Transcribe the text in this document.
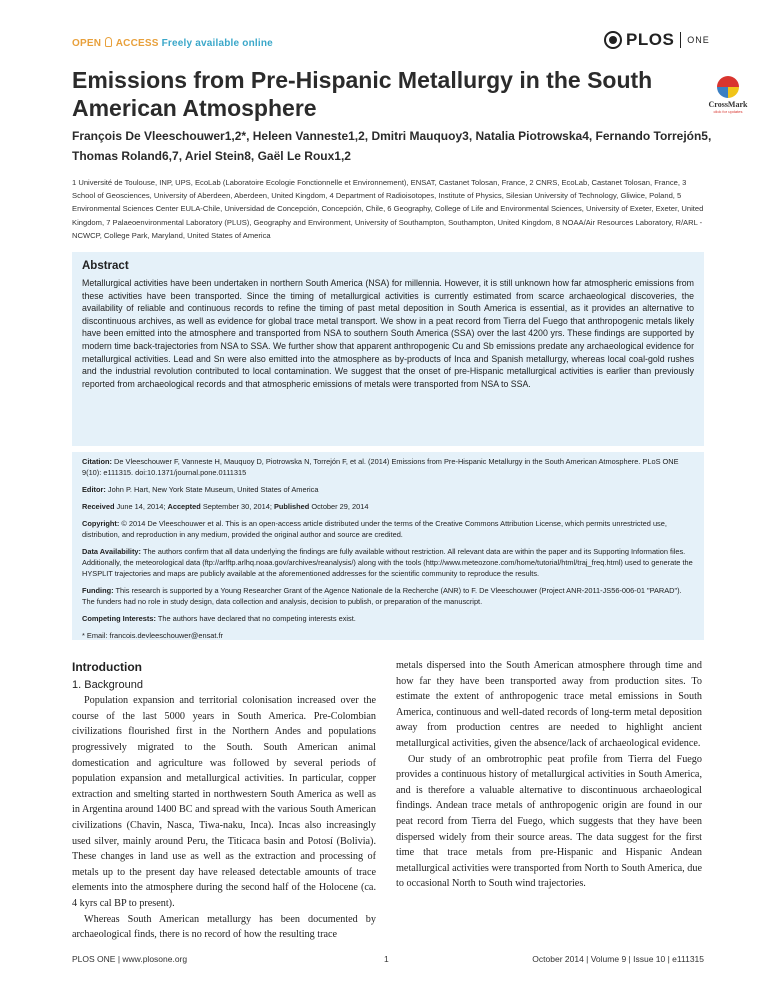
OPEN ACCESS Freely available online	PLOS ONE
Emissions from Pre-Hispanic Metallurgy in the South American Atmosphere	CrossMark
click for updates
François De Vleeschouwer1,2*, Heleen Vanneste1,2, Dmitri Mauquoy3, Natalia Piotrowska4, Fernando Torrejón5, Thomas Roland6,7, Ariel Stein8, Gaël Le Roux1,2
1 Université de Toulouse, INP, UPS, EcoLab (Laboratoire Ecologie Fonctionnelle et Environnement), ENSAT, Castanet Tolosan, France, 2 CNRS, EcoLab, Castanet Tolosan, France, 3 School of Geosciences, University of Aberdeen, Aberdeen, United Kingdom, 4 Department of Radioisotopes, Institute of Physics, Silesian University of Technology, Gliwice, Poland, 5 Environmental Sciences Center EULA-Chile, Universidad de Concepción, Concepción, Chile, 6 Geography, College of Life and Environmental Sciences, University of Exeter, Exeter, United Kingdom, 7 Palaeoenvironmental Laboratory (PLUS), Geography and Environment, University of Southampton, Southampton, United Kingdom, 8 NOAA/Air Resources Laboratory, R/ARL - NCWCP, College Park, Maryland, United States of America
Abstract

Metallurgical activities have been undertaken in northern South America (NSA) for millennia. However, it is still unknown how far atmospheric emissions from these activities have been transported. Since the timing of metallurgical activities is currently estimated from scarce archaeological discoveries, the availability of reliable and continuous records to refine the timing of past metal deposition in South America is essential, as it provides an alternative to discontinuous archives, as well as evidence for global trace metal transport. We show in a peat record from Tierra del Fuego that anthropogenic metals likely have been emitted into the atmosphere and transported from NSA to southern South America (SSA) over the last 4200 yrs. These findings are supported by modern time back-trajectories from NSA to SSA. We further show that apparent anthropogenic Cu and Sb emissions predate any archaeological evidence for metallurgical activities. Lead and Sn were also emitted into the atmosphere as by-products of Inca and Spanish metallurgy, whereas local coal-gold rushes and the industrial revolution contributed to local contamination. We suggest that the onset of pre-Hispanic metallurgical activities is earlier than previously reported from archaeological records and that atmospheric emissions of metals were transported from NSA to SSA.

Citation: De Vleeschouwer F, Vanneste H, Mauquoy D, Piotrowska N, Torrejón F, et al. (2014) Emissions from Pre-Hispanic Metallurgy in the South American Atmosphere. PLoS ONE 9(10): e111315. doi:10.1371/journal.pone.0111315
Editor: John P. Hart, New York State Museum, United States of America
Received June 14, 2014; Accepted September 30, 2014; Published October 29, 2014
Copyright: © 2014 De Vleeschouwer et al. This is an open-access article distributed under the terms of the Creative Commons Attribution License, which permits unrestricted use, distribution, and reproduction in any medium, provided the original author and source are credited.
Data Availability: The authors confirm that all data underlying the findings are fully available without restriction. All relevant data are within the paper and its Supporting Information files. Additionally, the meteorological data (ftp://arlftp.arlhq.noaa.gov/archives/reanalysis/) along with the tools (http://www.meteozone.com/home/tutorial/html/traj_freq.html) used to generate the HYSPLIT trajectories and maps are publicly available at the aforementioned addresses for the scientific community to reproduce the results.
Funding: This research is supported by a Young Researcher Grant of the Agence Nationale de la Recherche (ANR) to F. De Vleeschouwer (Project ANR-2011-JS56-006-01 "PARAD"). The funders had no role in study design, data collection and analysis, decision to publish, or preparation of the manuscript.
Competing Interests: The authors have declared that no competing interests exist.
* Email: francois.devleeschouwer@ensat.fr
Introduction
1. Background

Population expansion and territorial colonisation increased over the course of the last 5000 years in South America. Pre-Colombian civilizations flourished first in the Northern Andes and populations progressively migrated to the South. South American animal domestication and agriculture was followed by several periods of population expansion and metallurgical activities. In particular, copper extraction and smelting started in northwestern South America as well as in Argentina around 1400 BC and spread with the various South American civilizations (Chavin, Nasca, Tiwa-naku, Inca). Incas also increasingly used silver, mainly around Peru, the Titicaca basin and Potosí (Bolivia). These changes in land use as well as the extraction and processing of metals up to the present day have released detectable amounts of trace elements into the atmosphere during the second half of the Holocene (ca. 4 kyrs cal BP to present).

Whereas South American metallurgy has been documented by archaeological finds, there is no record of how the resulting trace

metals dispersed into the South American atmosphere through time and how far they have been transported away from production sites. To estimate the extent of anthropogenic trace metal emissions in South America, continuous and well-dated records of long-term metal deposition away from production centres are needed to highlight ancient metallurgical activities, given the absence/lack of archaeological evidence.

Our study of an ombrotrophic peat profile from Tierra del Fuego provides a continuous history of metallurgical activities in South America, and is therefore a valuable alternative to discontinuous archaeological findings. Andean trace metals of anthropogenic origin are found in our peat record from Tierra del Fuego, which suggests that they have been dispersed widely from their source areas. The data suggest for the first time that trace metals from pre-Hispanic and Hispanic Andean metallurgical activities were transported from North to South America, due to occasional North to South wind trajectories.

PLOS ONE | www.plosone.org	1	October 2014 | Volume 9 | Issue 10 | e111315
